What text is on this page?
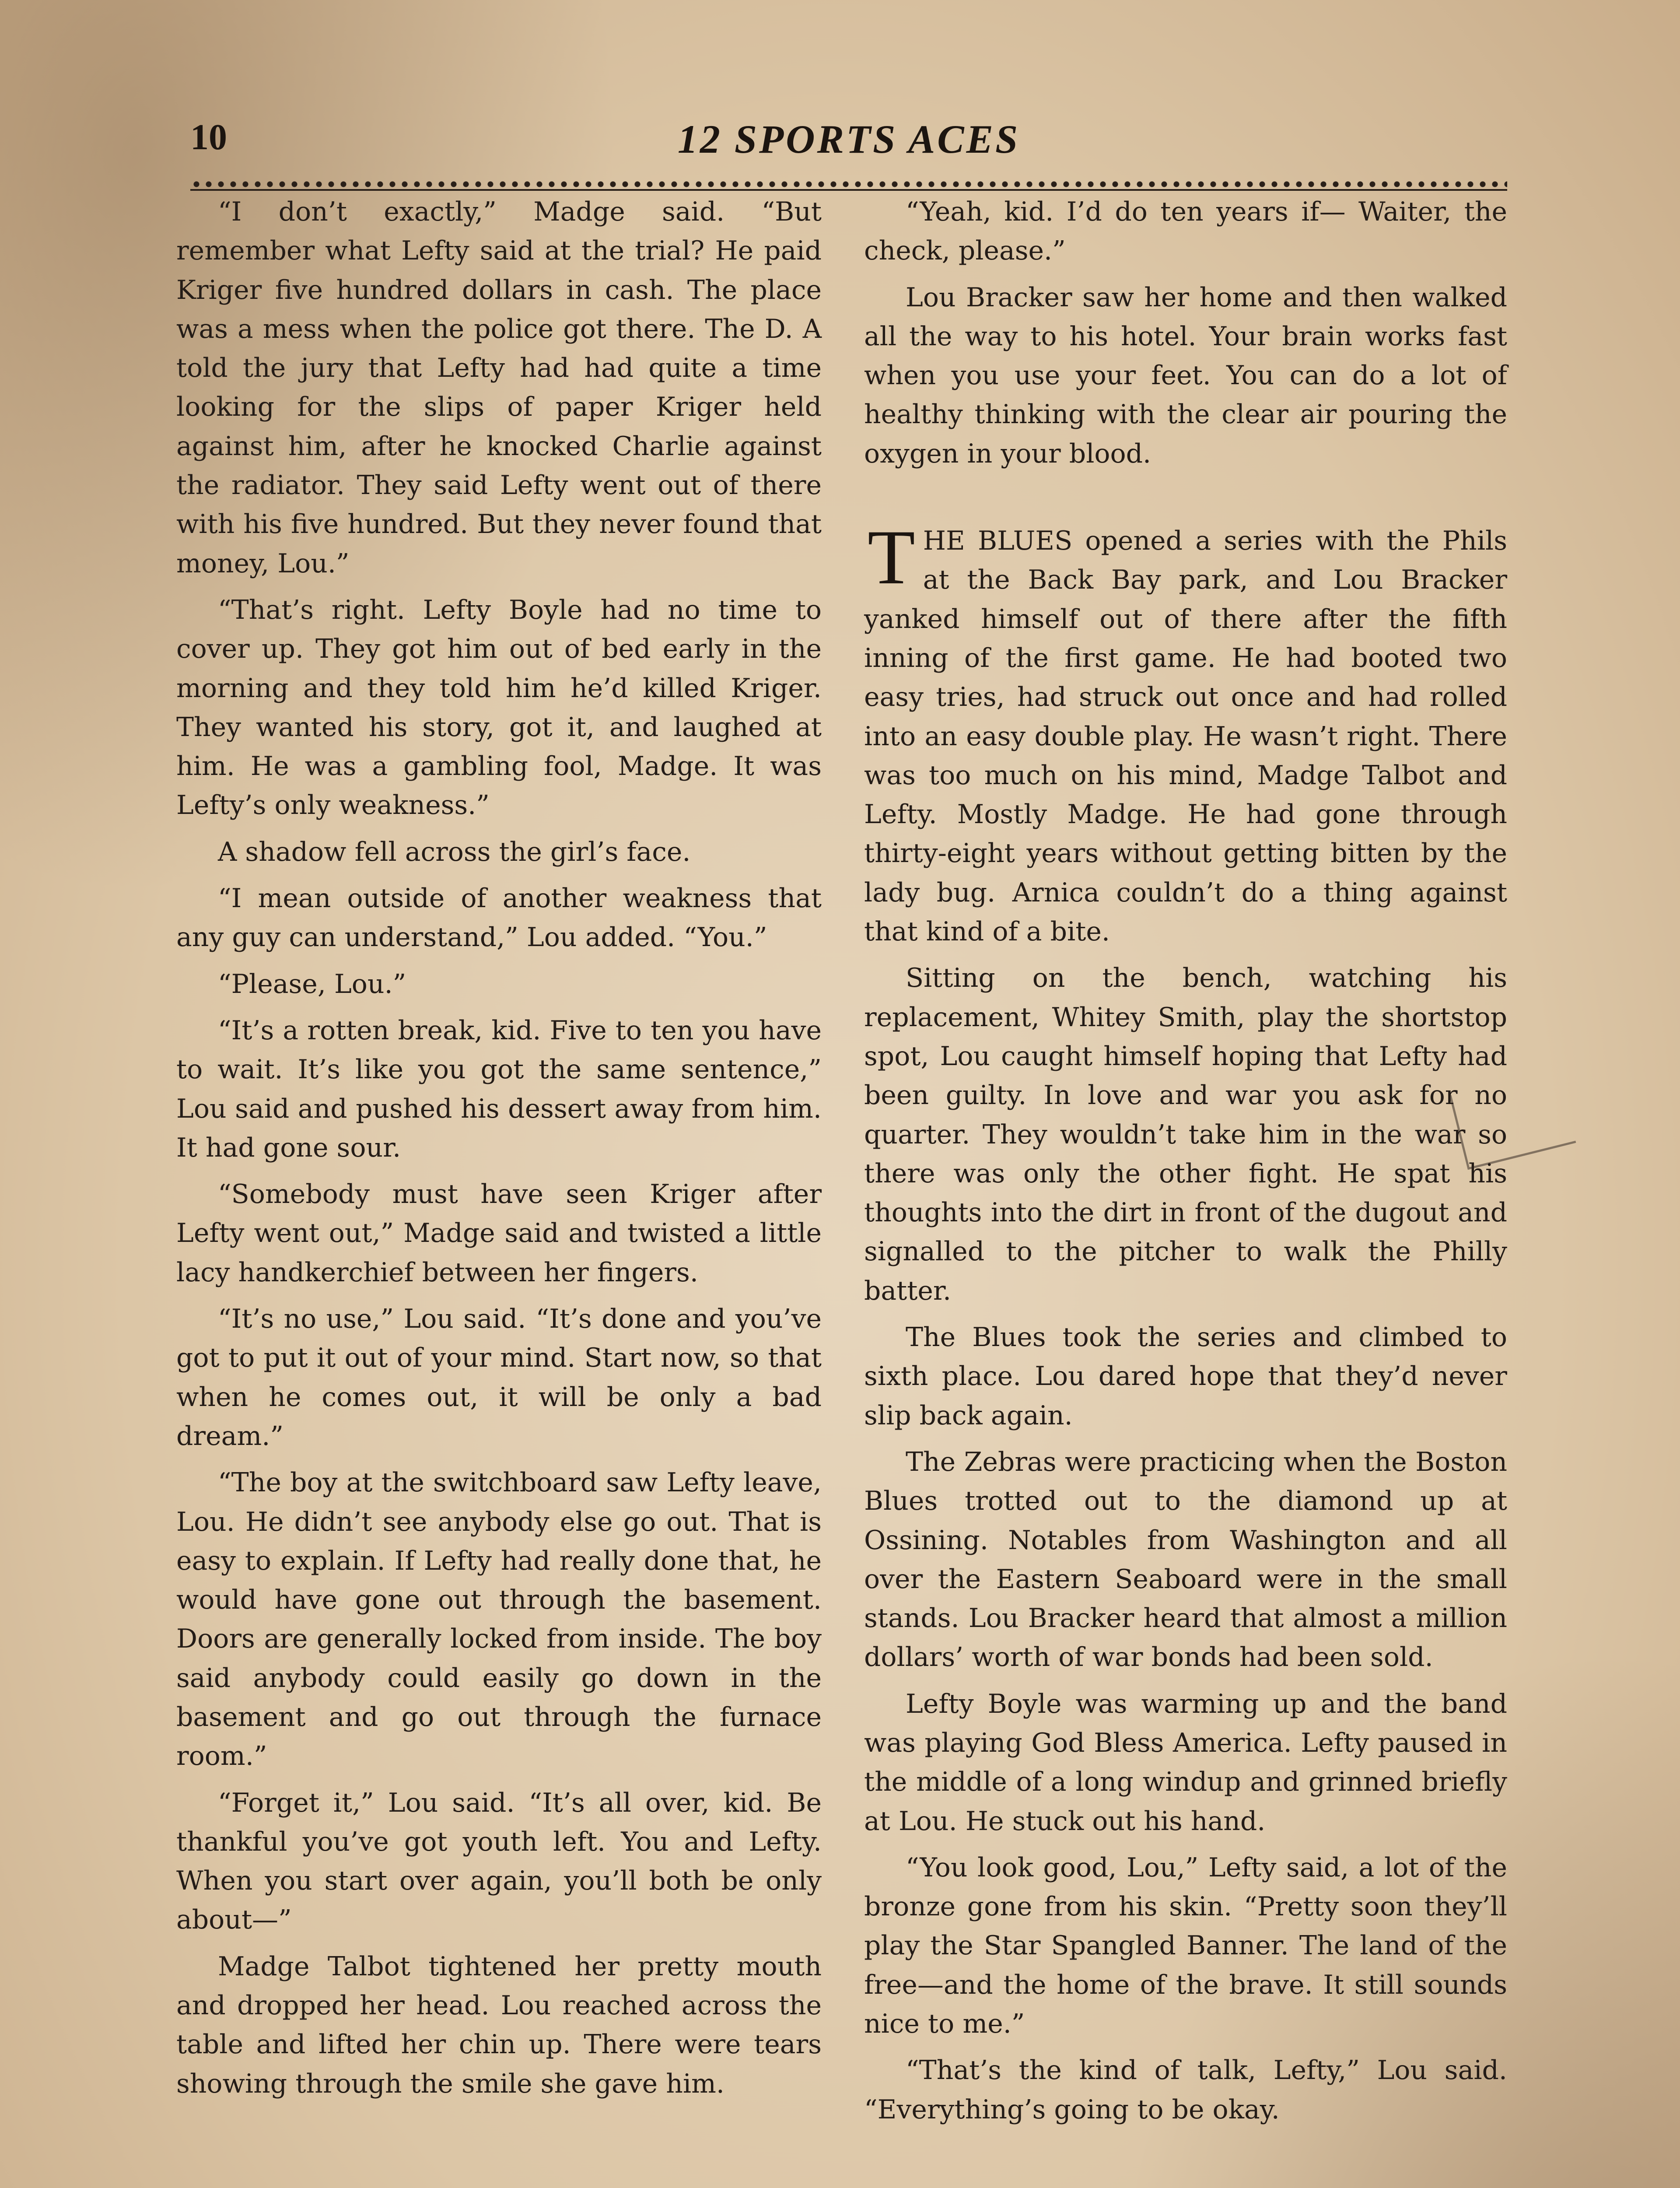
10	12 SPORTS ACES

“I don’t exactly,” Madge said. “But remember what Lefty said at the trial? He paid Kriger five hundred dollars in cash. The place was a mess when the police got there. The D. A told the jury that Lefty had had quite a time looking for the slips of paper Kriger held against him, after he knocked Charlie against the radiator. They said Lefty went out of there with his five hundred. But they never found that money, Lou.”

“That’s right. Lefty Boyle had no time to cover up. They got him out of bed early in the morning and they told him he’d killed Kriger. They wanted his story, got it, and laughed at him. He was a gambling fool, Madge. It was Lefty’s only weakness.”

A shadow fell across the girl’s face.

“I mean outside of another weakness that any guy can understand,” Lou added. “You.”

“Please, Lou.”

“It’s a rotten break, kid. Five to ten you have to wait. It’s like you got the same sentence,” Lou said and pushed his dessert away from him. It had gone sour.

“Somebody must have seen Kriger after Lefty went out,” Madge said and twisted a little lacy handkerchief between her fingers.

“It’s no use,” Lou said. “It’s done and you’ve got to put it out of your mind. Start now, so that when he comes out, it will be only a bad dream.”

“The boy at the switchboard saw Lefty leave, Lou. He didn’t see anybody else go out. That is easy to explain. If Lefty had really done that, he would have gone out through the basement. Doors are generally locked from inside. The boy said anybody could easily go down in the basement and go out through the furnace room.”

“Forget it,” Lou said. “It’s all over, kid. Be thankful you’ve got youth left. You and Lefty. When you start over again, you’ll both be only about—”

Madge Talbot tightened her pretty mouth and dropped her head. Lou reached across the table and lifted her chin up. There were tears showing through the smile she gave him.

“Yeah, kid. I’d do ten years if— Waiter, the check, please.”

Lou Bracker saw her home and then walked all the way to his hotel. Your brain works fast when you use your feet. You can do a lot of healthy thinking with the clear air pouring the oxygen in your blood.

THE BLUES opened a series with the Phils at the Back Bay park, and Lou Bracker yanked himself out of there after the fifth inning of the first game. He had booted two easy tries, had struck out once and had rolled into an easy double play. He wasn’t right. There was too much on his mind, Madge Talbot and Lefty. Mostly Madge. He had gone through thirty-eight years without getting bitten by the lady bug. Arnica couldn’t do a thing against that kind of a bite.

Sitting on the bench, watching his replacement, Whitey Smith, play the shortstop spot, Lou caught himself hoping that Lefty had been guilty. In love and war you ask for no quarter. They wouldn’t take him in the war so there was only the other fight. He spat his thoughts into the dirt in front of the dugout and signalled to the pitcher to walk the Philly batter.

The Blues took the series and climbed to sixth place. Lou dared hope that they’d never slip back again.

The Zebras were practicing when the Boston Blues trotted out to the diamond up at Ossining. Notables from Washington and all over the Eastern Seaboard were in the small stands. Lou Bracker heard that almost a million dollars’ worth of war bonds had been sold.

Lefty Boyle was warming up and the band was playing God Bless America. Lefty paused in the middle of a long windup and grinned briefly at Lou. He stuck out his hand.

“You look good, Lou,” Lefty said, a lot of the bronze gone from his skin. “Pretty soon they’ll play the Star Spangled Banner. The land of the free—and the home of the brave. It still sounds nice to me.”

“That’s the kind of talk, Lefty,” Lou said. “Everything’s going to be okay.
